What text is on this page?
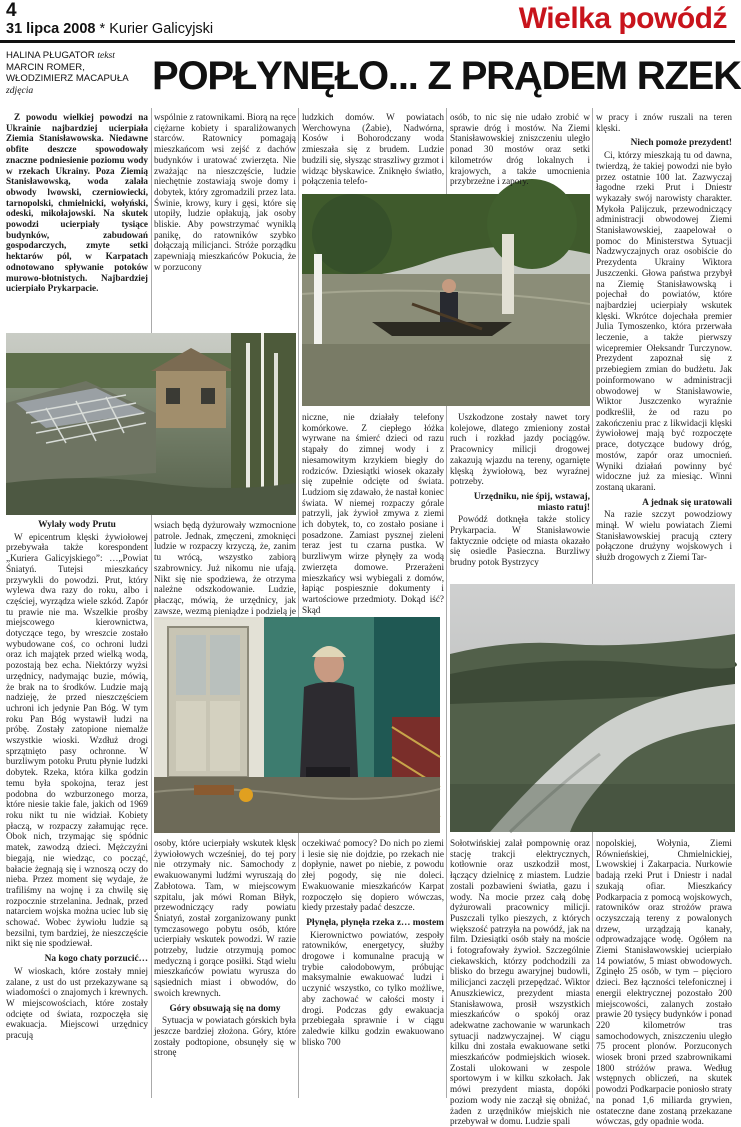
4
31 lipca 2008 * Kurier Galicyjski	Wielka powódź
HALINA PŁUGATOR tekst
MARCIN ROMER,
WŁODZIMIERZ MACAPUŁA
zdjęcia	POPŁYNĘŁO... Z PRĄDEM RZEK

Z powodu wielkiej powodzi na Ukrainie najbardziej ucierpiała Ziemia Stanisławowska. Niedawne obfite deszcze spowodowały znaczne podniesienie poziomu wody w rzekach Ukrainy. Poza Ziemią Stanisławowską, woda zalała obwody lwowski, czerniowiecki, tarnopolski, chmielnicki, wołyński, odeski, mikołajowski. Na skutek powodzi ucierpiały tysiące budynków, zabudowań gospodarczych, zmyte setki hektarów pól, w Karpatach odnotowano spływanie potoków murowo-błotnistych. Najbardziej ucierpiało Prykarpacie.

Wylały wody Prutu

W epicentrum klęski żywiołowej przebywała także korespondent „Kuriera Galicyjskiego”: …„Powiat Śniatyń. Tutejsi mieszkańcy przywykli do powodzi. Prut, który wylewa dwa razy do roku, albo i częściej, wyrządza wiele szkód. Zapór tu prawie nie ma. Wszelkie prośby miejscowego kierownictwa, dotyczące tego, by wreszcie zostało wybudowane coś, co ochroni ludzi oraz ich majątek przed wielką wodą, pozostają bez echa. Niektórzy wyżsi urzędnicy, nadymając buzie, mówią, że brak na to środków. Ludzie mają nadzieję, że przed nieszczęściem uchroni ich jedynie Pan Bóg. W tym roku Pan Bóg wystawił ludzi na próbę. Zostały zatopione niemalże wszystkie wioski. Wzdłuż drogi sprzątnięto pasy ochronne. W burzliwym potoku Prutu płynie ludzki dobytek. Rzeka, która kilka godzin temu była spokojna, teraz jest podobna do wzburzonego morza, które niesie takie fale, jakich od 1969 roku nikt tu nie widział. Kobiety płaczą, w rozpaczy załamując ręce. Obok nich, trzymając się spódnic matek, zawodzą dzieci. Mężczyźni biegają, nie wiedząc, co począć, bałacie żegnają się i wznoszą oczy do nieba. Przez moment się wydaje, że trafiliśmy na wojnę i za chwilę się rozpocznie strzelanina. Jednak, przed natarciem wojska można uciec lub się schować. Wobec żywiołu ludzie są bezsilni, tym bardziej, że nieszczęście nikt się nie spodziewał.

Na kogo chaty porzucić…

W wioskach, które zostały mniej zalane, z ust do ust przekazywane są wiadomości o znajomych i krewnych. W miejscowościach, które zostały odcięte od świata, rozpoczęła się ewakuacja. Miejscowi urzędnicy pracują

wspólnie z ratownikami. Biorą na ręce ciężarne kobiety i sparaliżowanych starców. Ratownicy pomagają mieszkańcom wsi zejść z dachów budynków i uratować zwierzęta. Nie zważając na nieszczęście, ludzie niechętnie zostawiają swoje domy i dobytek, który zgromadzili przez lata. Świnie, krowy, kury i gęsi, które się utopiły, ludzie opłakują, jak osoby bliskie. Aby powstrzymać wyniklą panikę, do ratowników szybko dołączają milicjanci. Stróże porządku zapewniają mieszkańców Pokucia, że w porzucony

wsiach będą dyżurowały wzmocnione patrole. Jednak, zmęczeni, zmoknięci ludzie w rozpaczy krzyczą, że, zanim tu wrócą, wszystko zabiorą szabrownicy. Już nikomu nie ufają. Nikt się nie spodziewa, że otrzyma należne odszkodowanie. Ludzie, płacząc, mówią, że urzędnicy, jak zawsze, wezmą pieniądze i podzielą je

osoby, które ucierpiały wskutek klęsk żywiołowych wcześniej, do tej pory nie otrzymały nic. Samochody z ewakuowanymi ludźmi wyruszają do Zabłotowa. Tam, w miejscowym szpitalu, jak mówi Roman Biłyk, przewodniczący rady powiatu Śniatyń, został zorganizowany punkt tymczasowego pobytu osób, które ucierpiały wskutek powodzi. W razie potrzeby, ludzie otrzymują pomoc medyczną i gorące posiłki. Stąd wielu mieszkańców powiatu wyrusza do sąsiednich miast i obwodów, do swoich krewnych.

Góry obsuwają się na domy

Sytuacja w powiatach górskich była jeszcze bardziej złożona. Góry, które zostały podtopione, obsunęły się w stronę

ludzkich domów. W powiatach Werchowyna (Żabie), Nadwórna, Kosów i Bohorodczany woda zmieszała się z brudem. Ludzie budzili się, słysząc straszliwy grzmot i widząc błyskawice. Zniknęło światło, połączenia telefo-

niczne, nie działały telefony komórkowe. Z ciepłego łóżka wyrwane na śmierć dzieci od razu stąpały do zimnej wody i z niesamowitym krzykiem biegły do rodziców. Dziesiątki wiosek okazały się zupełnie odcięte od świata. Ludziom się zdawało, że nastał koniec świata. W niemej rozpaczy górale patrzyli, jak żywioł zmywa z ziemi ich dobytek, to, co zostało posiane i posadzone. Zamiast pysznej zieleni teraz jest tu czarna pustka. W burzliwym wirze płynęły za wodą zwierzęta domowe. Przerażeni mieszkańcy wsi wybiegali z domów, łapiąc pospiesznie dokumenty i wartościowe przedmioty. Dokąd iść? Skąd

oczekiwać pomocy? Do nich po ziemi i lesie się nie dojdzie, po rzekach nie dopłynie, nawet po niebie, z powodu złej pogody, się nie doleci. Ewakuowanie mieszkańców Karpat rozpoczęło się dopiero wówczas, kiedy przestały padać deszcze.

Płynęła, płynęła rzeka z… mostem

Kierownictwo powiatów, zespoły ratowników, energetycy, służby drogowe i komunalne pracują w trybie całodobowym, próbując maksymalnie ewakuować ludzi i uczynić wszystko, co tylko możliwe, aby zachować w całości mosty i drogi. Podczas gdy ewakuacja przebiegała sprawnie i w ciągu zaledwie kilku godzin ewakuowano blisko 700

osób, to nic się nie udało zrobić w sprawie dróg i mostów. Na Ziemi Stanisławowskiej zniszczeniu uległo ponad 30 mostów oraz setki kilometrów dróg lokalnych i krajowych, a także umocnienia przybrzeżne i zapory.

Uszkodzone zostały nawet tory kolejowe, dlatego zmieniony został ruch i rozkład jazdy pociągów. Pracownicy milicji drogowej zakazują wjazdu na tereny, ogarnięte klęską żywiołową, bez wyraźnej potrzeby.

Urzędniku, nie śpij, wstawaj, miasto ratuj!

Powódź dotknęła także stolicy Prykarpacia. W Stanisławowie faktycznie odcięte od miasta okazało się osiedle Pasieczna. Burzliwy brudny potok Bystrzycy

Sołotwińskiej zalał pompownię oraz stację trakcji elektrycznych, kotłownie oraz uszkodził most, łączący dzielnicę z miastem. Ludzie zostali pozbawieni światła, gazu i wody. Na mocie przez całą dobę dyżurowali pracownicy milicji. Puszczali tylko pieszych, z których większość patrzyła na powódź, jak na film. Dziesiątki osób stały na moście i fotografowały żywioł. Szczególnie ciekawskich, którzy podchodzili za blisko do brzegu awaryjnej budowli, milicjanci zaczęli przepędzać. Wiktor Anuszkiewicz, prezydent miasta Stanisławowa, prosił wszystkich mieszkańców o spokój oraz adekwatne zachowanie w warunkach sytuacji nadzwyczajnej. W ciągu kilku dni została ewakuowane setki mieszkańców podmiejskich wiosek. Zostali ulokowani w zespole sportowym i w kilku szkołach. Jak mówi prezydent miasta, dopóki poziom wody nie zaczął się obniżać, żaden z urzędników miejskich nie przebywał w domu. Ludzie spali

w pracy i znów ruszali na teren klęski.

Niech pomoże prezydent!

Ci, którzy mieszkają tu od dawna, twierdzą, że takiej powodzi nie było przez ostatnie 100 lat. Zazwyczaj łagodne rzeki Prut i Dniestr wykazały swój narowisty charakter. Mykoła Palijczuk, przewodniczący administracji obwodowej Ziemi Stanisławowskiej, zaapelował o pomoc do Ministerstwa Sytuacji Nadzwyczajnych oraz osobiście do Prezydenta Ukrainy Wiktora Juszczenki. Głowa państwa przybył na Ziemię Stanisławowską i pojechał do powiatów, które najbardziej ucierpiały wskutek klęski. Wkrótce dojechała premier Julia Tymoszenko, która przerwała leczenie, a także pierwszy wicepremier Ołeksandr Turczynow. Prezydent zapoznał się z przebiegiem zmian do budżetu. Jak poinformowano w administracji obwodowej w Stanisławowie, Wiktor Juszczenko wyraźnie podkreślił, że od razu po zakończeniu prac z likwidacji klęski żywiołowej mają być rozpoczęte prace, dotyczące budowy dróg, mostów, zapór oraz umocnień. Wyniki działań powinny być widoczne już za miesiąc. Winni zostaną ukarani.

A jednak się uratowali

Na razie szczyt powodziowy minął. W wielu powiatach Ziemi Stanisławowskiej pracują cztery połączone drużyny wojskowych i służb drogowych z Ziemi Tar-

nopolskiej, Wołynia, Ziemi Równieńskiej, Chmielnickiej, Lwowskiej i Zakarpacia. Nurkowie badają rzeki Prut i Dniestr i nadal szukają ofiar. Mieszkańcy Podkarpacia z pomocą wojskowych, ratowników oraz strożów prawa oczyszczają tereny z powalonych drzew, urządzają kanały, odprowadzające wodę. Ogółem na Ziemi Stanisławowskiej ucierpiało 14 powiatów, 5 miast obwodowych. Zginęło 25 osób, w tym – pięcioro dzieci. Bez łączności telefonicznej i energii elektrycznej pozostało 200 miejscowości, zalanych zostało prawie 20 tysięcy budynków i ponad 220 kilometrów tras samochodowych, zniszczeniu uległo 75 procent plonów. Porzuconych wiosek broni przed szabrownikami 1800 stróżów prawa. Według wstępnych obliczeń, na skutek powodzi Podkarpacie poniosło straty na ponad 1,6 miliarda grywien, ostateczne dane zostaną przekazane wówczas, gdy opadnie woda.
